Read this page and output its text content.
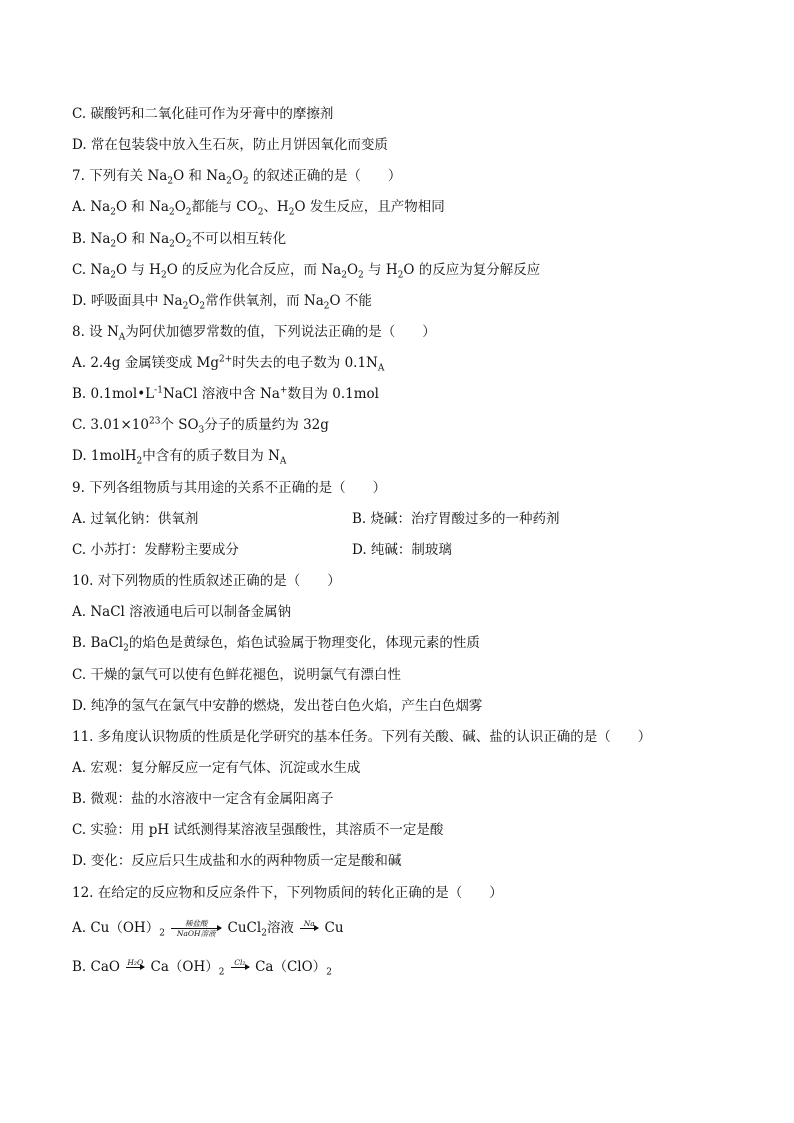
C. 碳酸钙和二氧化硅可作为牙膏中的摩擦剂
D. 常在包装袋中放入生石灰，防止月饼因氧化而变质
7. 下列有关 $Na_2O$ 和 $Na_2O_2$ 的叙述正确的是（　　）
A. $Na_2O$ 和 $Na_2O_2$都能与 $CO_2$、$H_2O$ 发生反应，且产物相同
B. $Na_2O$ 和 $Na_2O_2$不可以相互转化
C. $Na_2O$ 与 $H_2O$ 的反应为化合反应，而 $Na_2O_2$ 与 $H_2O$ 的反应为复分解反应
D. 呼吸面具中 $Na_2O_2$常作供氧剂，而 $Na_2O$ 不能
8. 设 $N_A$为阿伏加德罗常数的值，下列说法正确的是（　　）
A. 2.4g 金属镁变成 $Mg^{2+}$时失去的电子数为 $0.1N_A$
B. $0.1mol•L^{-1}NaCl$ 溶液中含 Na+数目为 0.1mol
C. $3.01\times 10^{23}$个 $SO_3$分子的质量约为 32g
D. 1molH$_2$中含有的质子数目为 $N_A$
9. 下列各组物质与其用途的关系不正确的是（　　）
A. 过氧化钠：供氧剂	B. 烧碱：治疗胃酸过多的一种药剂
C. 小苏打：发酵粉主要成分	D. 纯碱：制玻璃
10. 对下列物质的性质叙述正确的是（　　）
A. NaCl 溶液通电后可以制备金属钠
B. BaCl$_2$的焰色是黄绿色，焰色试验属于物理变化，体现元素的性质
C. 干燥的氯气可以使有色鲜花褪色，说明氯气有漂白性
D. 纯净的氢气在氯气中安静的燃烧，发出苍白色火焰，产生白色烟雾
11. 多角度认识物质的性质是化学研究的基本任务。下列有关酸、碱、盐的认识正确的是（　　）
A. 宏观：复分解反应一定有气体、沉淀或水生成
B. 微观：盐的水溶液中一定含有金属阳离子
C. 实验：用 pH 试纸测得某溶液呈强酸性，其溶质不一定是酸
D. 变化：反应后只生成盐和水的两种物质一定是酸和碱
12. 在给定的反应物和反应条件下，下列物质间的转化正确的是（　　）
A. $Cu(OH)_2$
稀盐酸
NaOH溶液 CuCl$_2$溶液	Na Cu
B. CaO H₂O $Ca(OH)_2$
Cl₂ $Ca(ClO)_2$
